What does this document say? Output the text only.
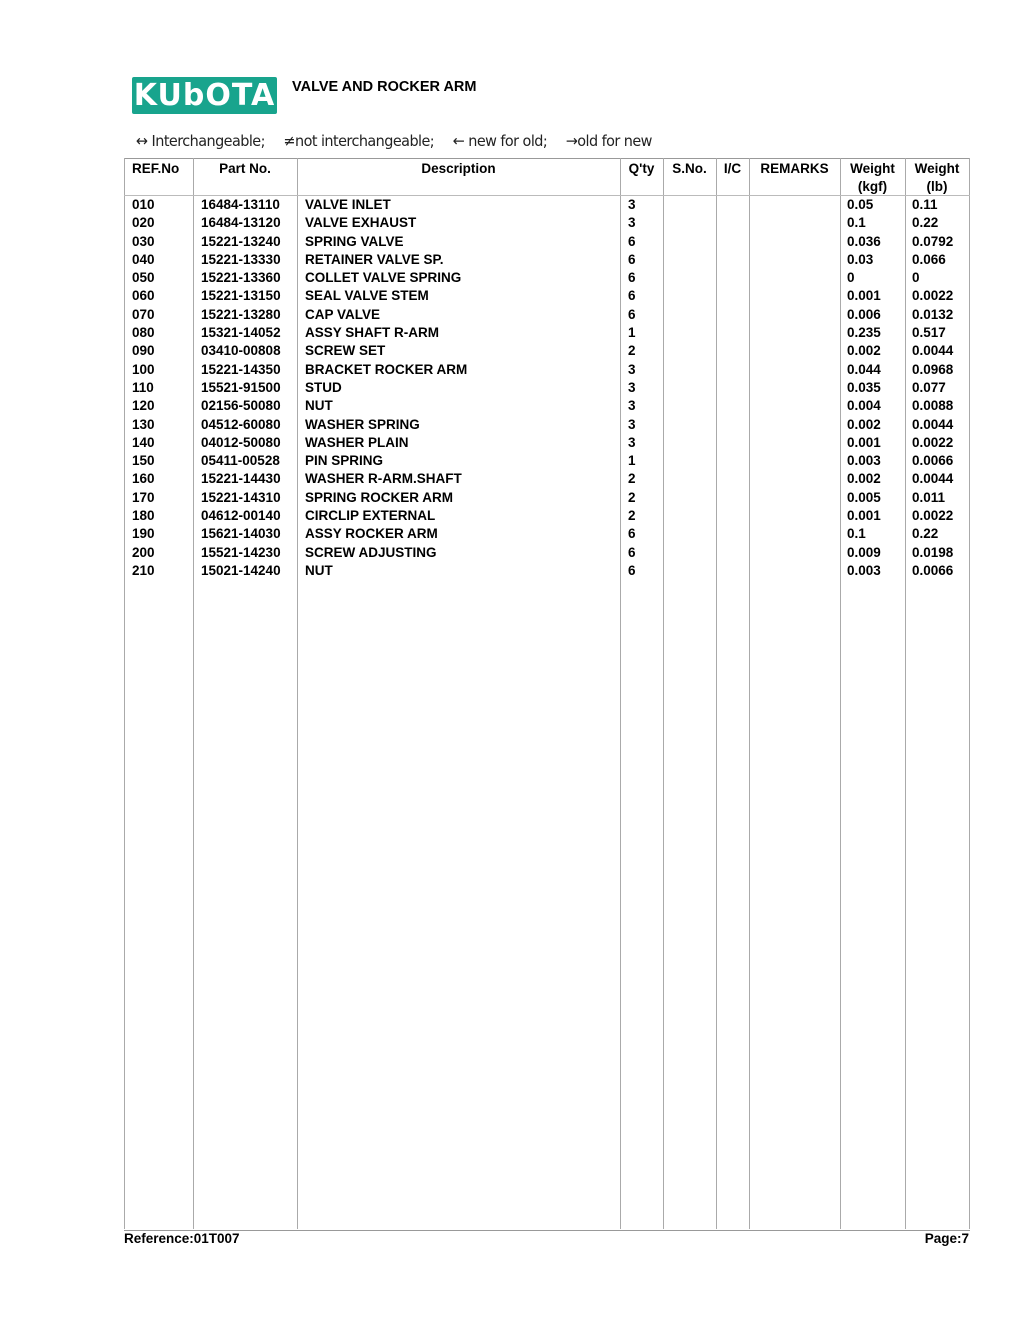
KUbOTA VALVE AND ROCKER ARM
↔ Interchangeable; ≠not interchangeable; ← new for old; →old for new
REF.No	Part No.	Description	Q'ty	S.No.	I/C	REMARKS	Weight
(kgf)
Weight
(lb)
010	16484-13110 VALVE INLET	3	0.05	0.11
020	16484-13120 VALVE EXHAUST	3	0.1	0.22
030	15221-13240 SPRING VALVE	6	0.036 0.0792
040	15221-13330 RETAINER VALVE SP.	6	0.03	0.066
050	15221-13360 COLLET VALVE SPRING	6	0	0
060	15221-13150 SEAL VALVE STEM	6	0.001 0.0022
070	15221-13280 CAP VALVE	6	0.006 0.0132
080	15321-14052 ASSY SHAFT R-ARM	1	0.235 0.517
090	03410-00808 SCREW SET	2	0.002 0.0044
100	15221-14350 BRACKET ROCKER ARM	3	0.044 0.0968
110	15521-91500 STUD	3	0.035 0.077
120	02156-50080 NUT	3	0.004 0.0088
130	04512-60080 WASHER SPRING	3	0.002 0.0044
140	04012-50080 WASHER PLAIN	3	0.001 0.0022
150	05411-00528 PIN SPRING	1	0.003 0.0066
160	15221-14430 WASHER R-ARM.SHAFT	2	0.002 0.0044
170	15221-14310 SPRING ROCKER ARM	2	0.005 0.011
180	04612-00140 CIRCLIP EXTERNAL	2	0.001 0.0022
190	15621-14030 ASSY ROCKER ARM	6	0.1	0.22
200	15521-14230 SCREW ADJUSTING	6	0.009 0.0198
210	15021-14240 NUT	6	0.003 0.0066
Reference:01T007	Page:7
